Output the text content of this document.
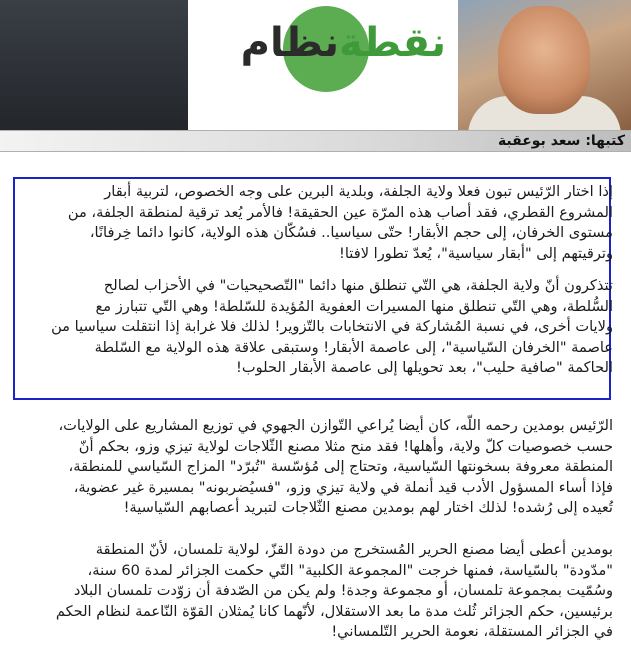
نقطةنظام
كتبها: سعد بوعقبة

إذا اختار الرّئيس تبون فعلا ولاية الجلفة، وبلدية البرين على وجه الخصوص، لتربية أبقار
المشروع القطري، فقد أصاب هذه المرّة عين الحقيقة! فالأمر يُعد ترقية لمنطقة الجلفة، من
مستوى الخرفان، إلى حجم الأبقار! حتّى سياسيا.. فسُكّان هذه الولاية، كانوا دائما خِرفانًا،
وترقيتهم إلى "أبقار سياسية"، يُعدّ تطورا لافتا!

تتذكرون أنّ ولاية الجلفة، هي التّي تنطلق منها دائما "التّصحيحيات" في الأحزاب لصالح
السُّلطة، وهي التّي تنطلق منها المسيرات العفوية المُؤيدة للسّلطة! وهي التّي تتبارز مع
ولايات أخرى، في نسبة المُشاركة في الانتخابات بالتّزوير! لذلك فلا غرابة إذا انتقلت سياسيا من
عاصمة "الخرفان السّياسية"، إلى عاصمة الأبقار! وستبقى علاقة هذه الولاية مع السّلطة
الحاكمة "صافية حليب"، بعد تحويلها إلى عاصمة الأبقار الحلوب!

الرّئيس بومدين رحمه اللّه، كان أيضا يُراعي التّوازن الجهوي في توزيع المشاريع على الولايات،
حسب خصوصيات كلّ ولاية، وأهلها! فقد منح مثلا مصنع الثّلاجات لولاية تيزي وزو، بحكم أنّ
المنطقة معروفة بسخونتها السّياسية، وتحتاج إلى مُؤسّسة "تُبرّد" المزاج السّياسي للمنطقة،
فإذا أساء المسؤول الأدب قيد أنملة في ولاية تيزي وزو، "فسيُضربونه" بمسيرة غير عضوية،
تُعيده إلى رُشده! لذلك اختار لهم بومدين مصنع الثّلاجات لتبريد أعصابهم السّياسية!

بومدين أعطى أيضا مصنع الحرير المُستخرج من دودة القزّ، لولاية تلمسان، لأنّ المنطقة
"مدّودة" بالسّياسة، فمنها خرجت "المجموعة الكلبية" التّي حكمت الجزائر لمدة 60 سنة،
وسُمّيت بمجموعة تلمسان، أو مجموعة وجدة! ولم يكن من الصّدفة أن زوّدت تلمسان البلاد
برئيسين، حكم الجزائر ثُلث مدة ما بعد الاستقلال، لأنّهما كانا يُمثلان القوّة النّاعمة لنظام الحكم
في الجزائر المستقلة، نعومة الحرير التّلمساني!
